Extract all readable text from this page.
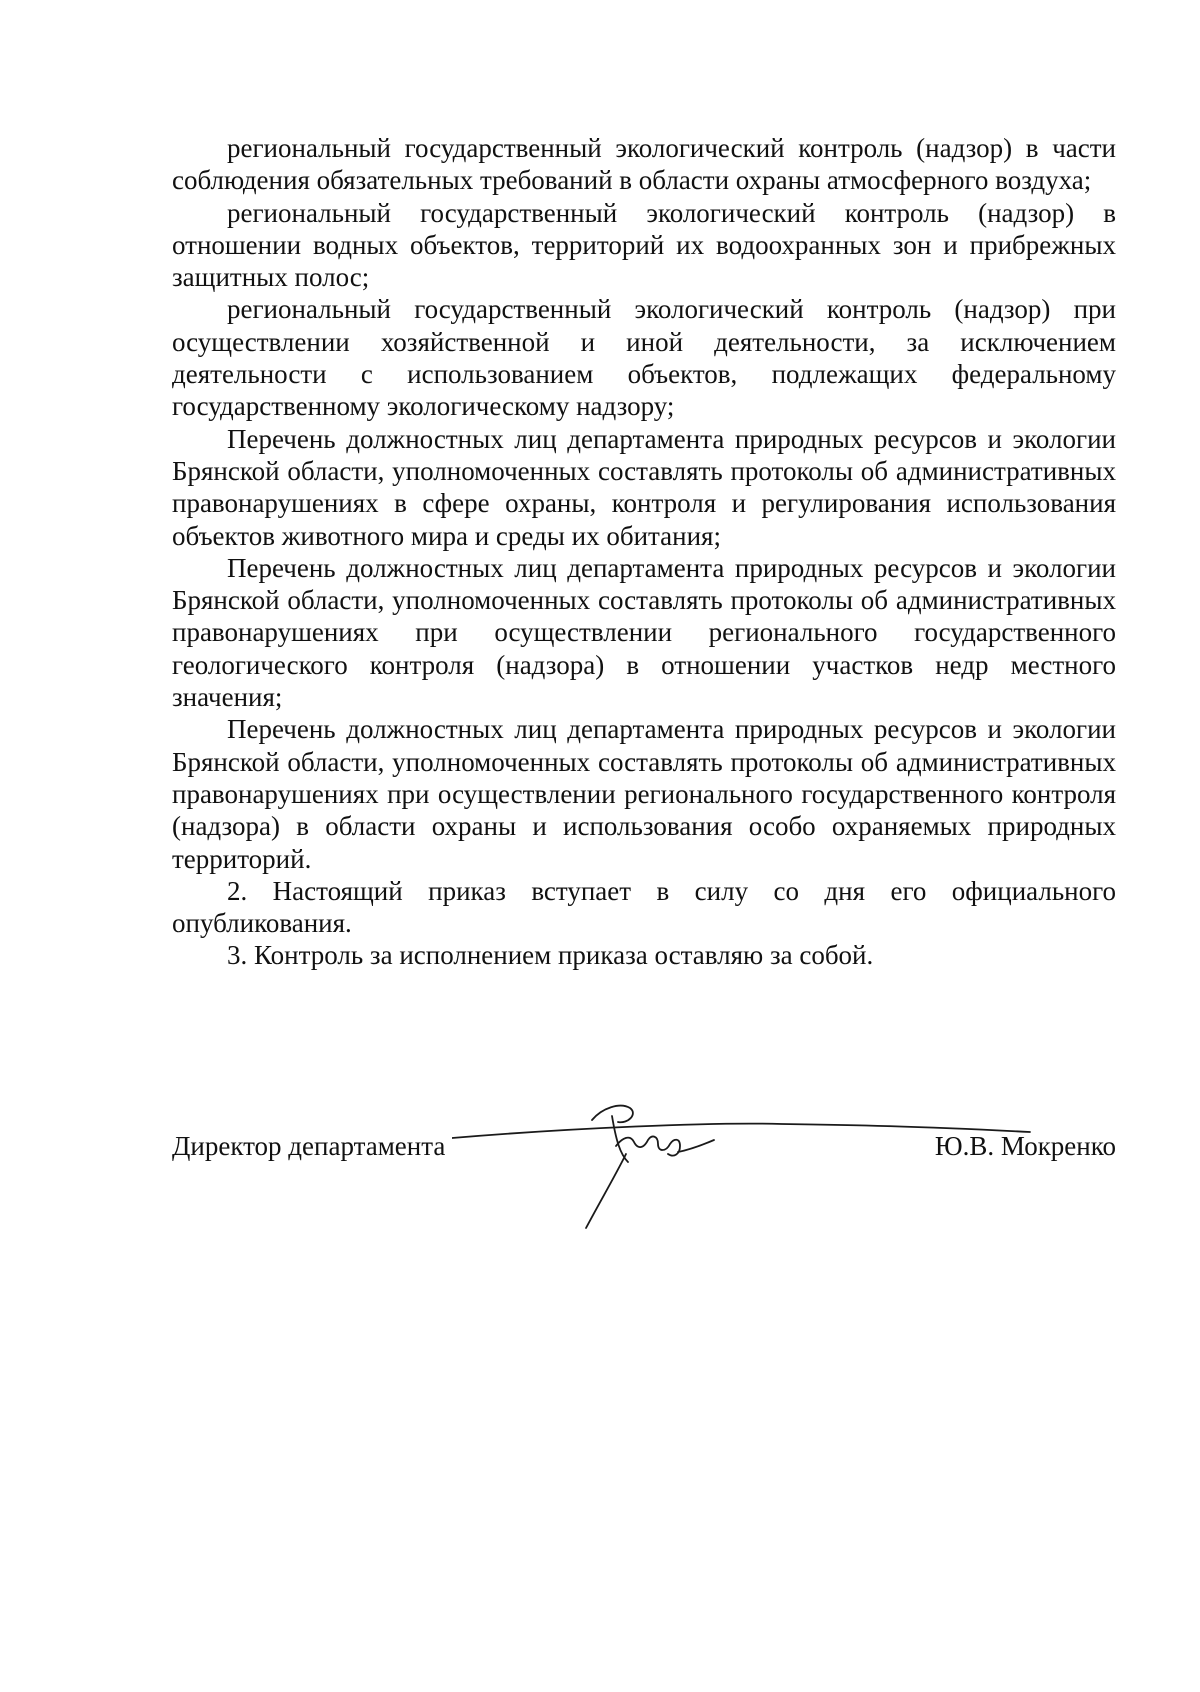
региональный государственный экологический контроль (надзор) в части соблюдения обязательных требований в области охраны атмосферного воздуха;

региональный государственный экологический контроль (надзор) в отношении водных объектов, территорий их водоохранных зон и прибрежных защитных полос;

региональный государственный экологический контроль (надзор) при осуществлении хозяйственной и иной деятельности, за исключением деятельности с использованием объектов, подлежащих федеральному государственному экологическому надзору;

Перечень должностных лиц департамента природных ресурсов и экологии Брянской области, уполномоченных составлять протоколы об административных правонарушениях в сфере охраны, контроля и регулирования использования объектов животного мира и среды их обитания;

Перечень должностных лиц департамента природных ресурсов и экологии Брянской области, уполномоченных составлять протоколы об административных правонарушениях при осуществлении регионального государственного геологического контроля (надзора) в отношении участков недр местного значения;

Перечень должностных лиц департамента природных ресурсов и экологии Брянской области, уполномоченных составлять протоколы об административных правонарушениях при осуществлении регионального государственного контроля (надзора) в области охраны и использования особо охраняемых природных территорий.

2. Настоящий приказ вступает в силу со дня его официального опубликования.

3. Контроль за исполнением приказа оставляю за собой.

Директор департамента	Ю.В. Мокренко
